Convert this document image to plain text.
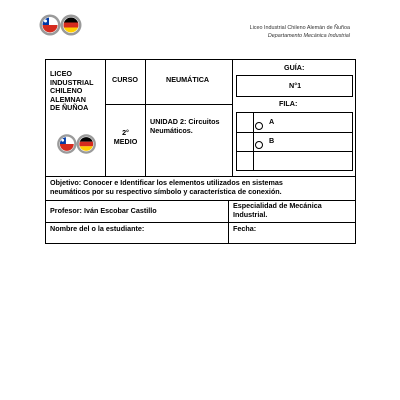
Liceo Industrial Chileno Alemán de Ñuñoa
Departamento Mecánica Industrial
LICEO
INDUSTRIAL
CHILENO
ALEMNAN
DE ÑUÑOA
CURSO	NEUMÁTICA
GUÍA:
N°1
FILA:
A
B
2°
MEDIO
UNIDAD 2: Circuitos
Neumáticos.
Objetivo: Conocer e Identificar los elementos utilizados en sistemas
neumáticos por su respectivo símbolo y característica de conexión.
Profesor: Iván Escobar Castillo
Especialidad de Mecánica
Industrial.
Nombre del o la estudiante:	Fecha:
